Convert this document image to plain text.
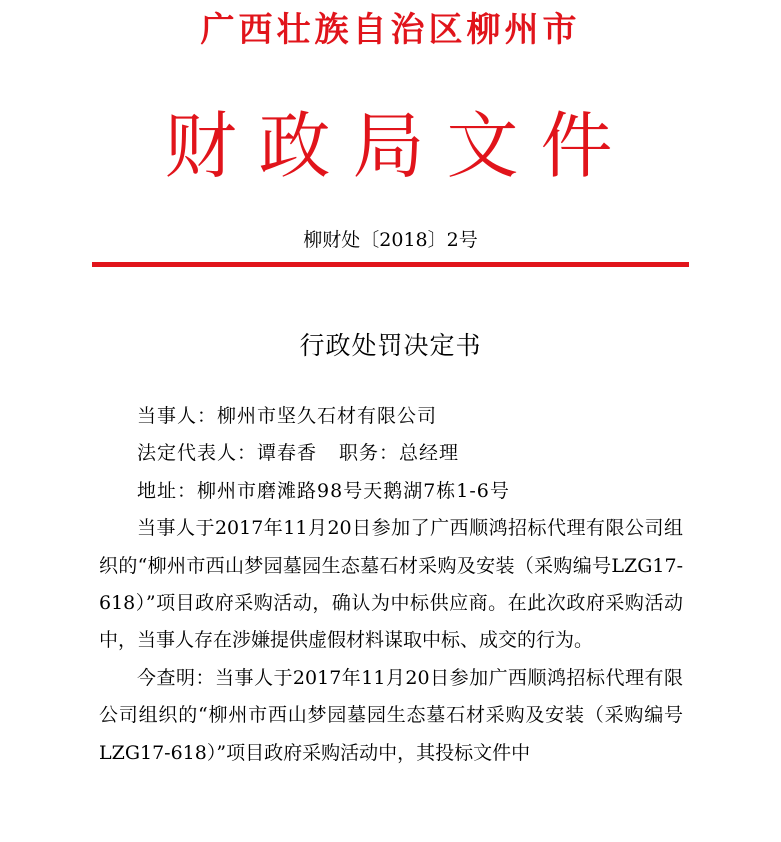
广西壮族自治区柳州市
财政局文件
柳财处〔2018〕2号
行政处罚决定书

当事人：柳州市坚久石材有限公司

法定代表人：谭春香 职务：总经理

地址：柳州市磨滩路98号天鹅湖7栋1-6号

当事人于2017年11月20日参加了广西顺鸿招标代理有限公司组织的“柳州市西山梦园墓园生态墓石材采购及安装（采购编号LZG17-618）”项目政府采购活动，确认为中标供应商。在此次政府采购活动中，当事人存在涉嫌提供虚假材料谋取中标、成交的行为。

今查明：当事人于2017年11月20日参加广西顺鸿招标代理有限公司组织的“柳州市西山梦园墓园生态墓石材采购及安装（采购编号LZG17-618）”项目政府采购活动中，其投标文件中
